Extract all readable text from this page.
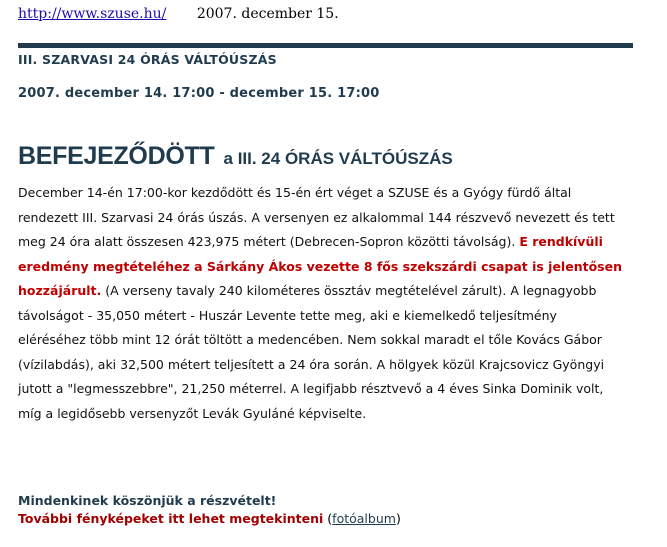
http://www.szuse.hu/ 2007. december 15.
III. SZARVASI 24 ÓRÁS VÁLTÓÚSZÁS
2007. december 14. 17:00 - december 15. 17:00
BEFEJEZŐDÖTT a III. 24 ÓRÁS VÁLTÓÚSZÁS
December 14-én 17:00-kor kezdődött és 15-én ért véget a SZUSE és a Gyógy fürdő által rendezett III. Szarvasi 24 órás úszás. A versenyen ez alkalommal 144 részvevő nevezett és tett meg 24 óra alatt összesen 423,975 métert (Debrecen-Sopron közötti távolság). E rendkívüli eredmény megtételéhez a Sárkány Ákos vezette 8 fős szekszárdi csapat is jelentősen hozzájárult. (A verseny tavaly 240 kilométeres össztáv megtételével zárult). A legnagyobb távolságot - 35,050 métert - Huszár Levente tette meg, aki e kiemelkedő teljesítmény eléréséhez több mint 12 órát töltött a medencében. Nem sokkal maradt el tőle Kovács Gábor (vízilabdás), aki 32,500 métert teljesített a 24 óra során. A hölgyek közül Krajcsovicz Gyöngyi jutott a "legmesszebbre", 21,250 méterrel. A legifjabb résztvevő a 4 éves Sinka Dominik volt, míg a legidősebb versenyzőt Levák Gyuláné képviselte.
Mindenkinek köszönjük a részvételt!
További fényképeket itt lehet megtekinteni (fotóalbum)
